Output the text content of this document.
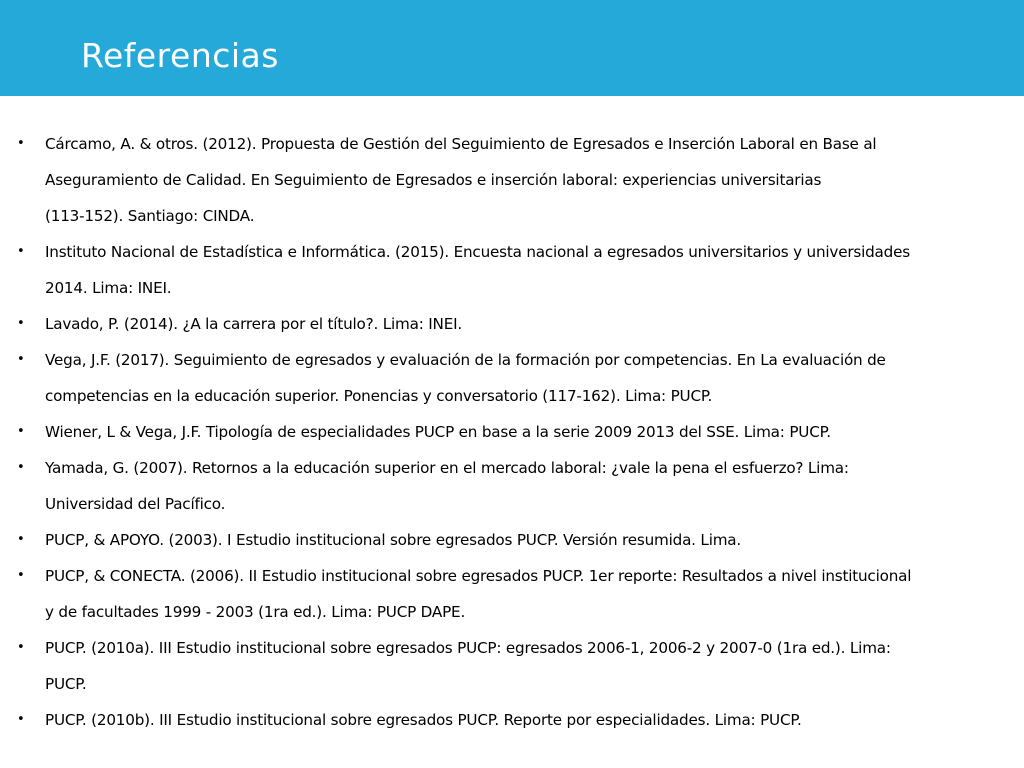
Referencias
• Cárcamo, A. & otros. (2012). Propuesta de Gestión del Seguimiento de Egresados e Inserción Laboral en Base al
Aseguramiento de Calidad. En Seguimiento de Egresados e inserción laboral: experiencias universitarias
(113-152). Santiago: CINDA.
• Instituto Nacional de Estadística e Informática. (2015). Encuesta nacional a egresados universitarios y universidades
2014. Lima: INEI.
• Lavado, P. (2014). ¿A la carrera por el título?. Lima: INEI.
• Vega, J.F. (2017). Seguimiento de egresados y evaluación de la formación por competencias. En La evaluación de
competencias en la educación superior. Ponencias y conversatorio (117-162). Lima: PUCP.
• Wiener, L & Vega, J.F. Tipología de especialidades PUCP en base a la serie 2009 2013 del SSE. Lima: PUCP.
• Yamada, G. (2007). Retornos a la educación superior en el mercado laboral: ¿vale la pena el esfuerzo? Lima:
Universidad del Pacífico.
• PUCP, & APOYO. (2003). I Estudio institucional sobre egresados PUCP. Versión resumida. Lima.
• PUCP, & CONECTA. (2006). II Estudio institucional sobre egresados PUCP. 1er reporte: Resultados a nivel institucional
y de facultades 1999 - 2003 (1ra ed.). Lima: PUCP DAPE.
• PUCP. (2010a). III Estudio institucional sobre egresados PUCP: egresados 2006-1, 2006-2 y 2007-0 (1ra ed.). Lima:
PUCP.
• PUCP. (2010b). III Estudio institucional sobre egresados PUCP. Reporte por especialidades. Lima: PUCP.
